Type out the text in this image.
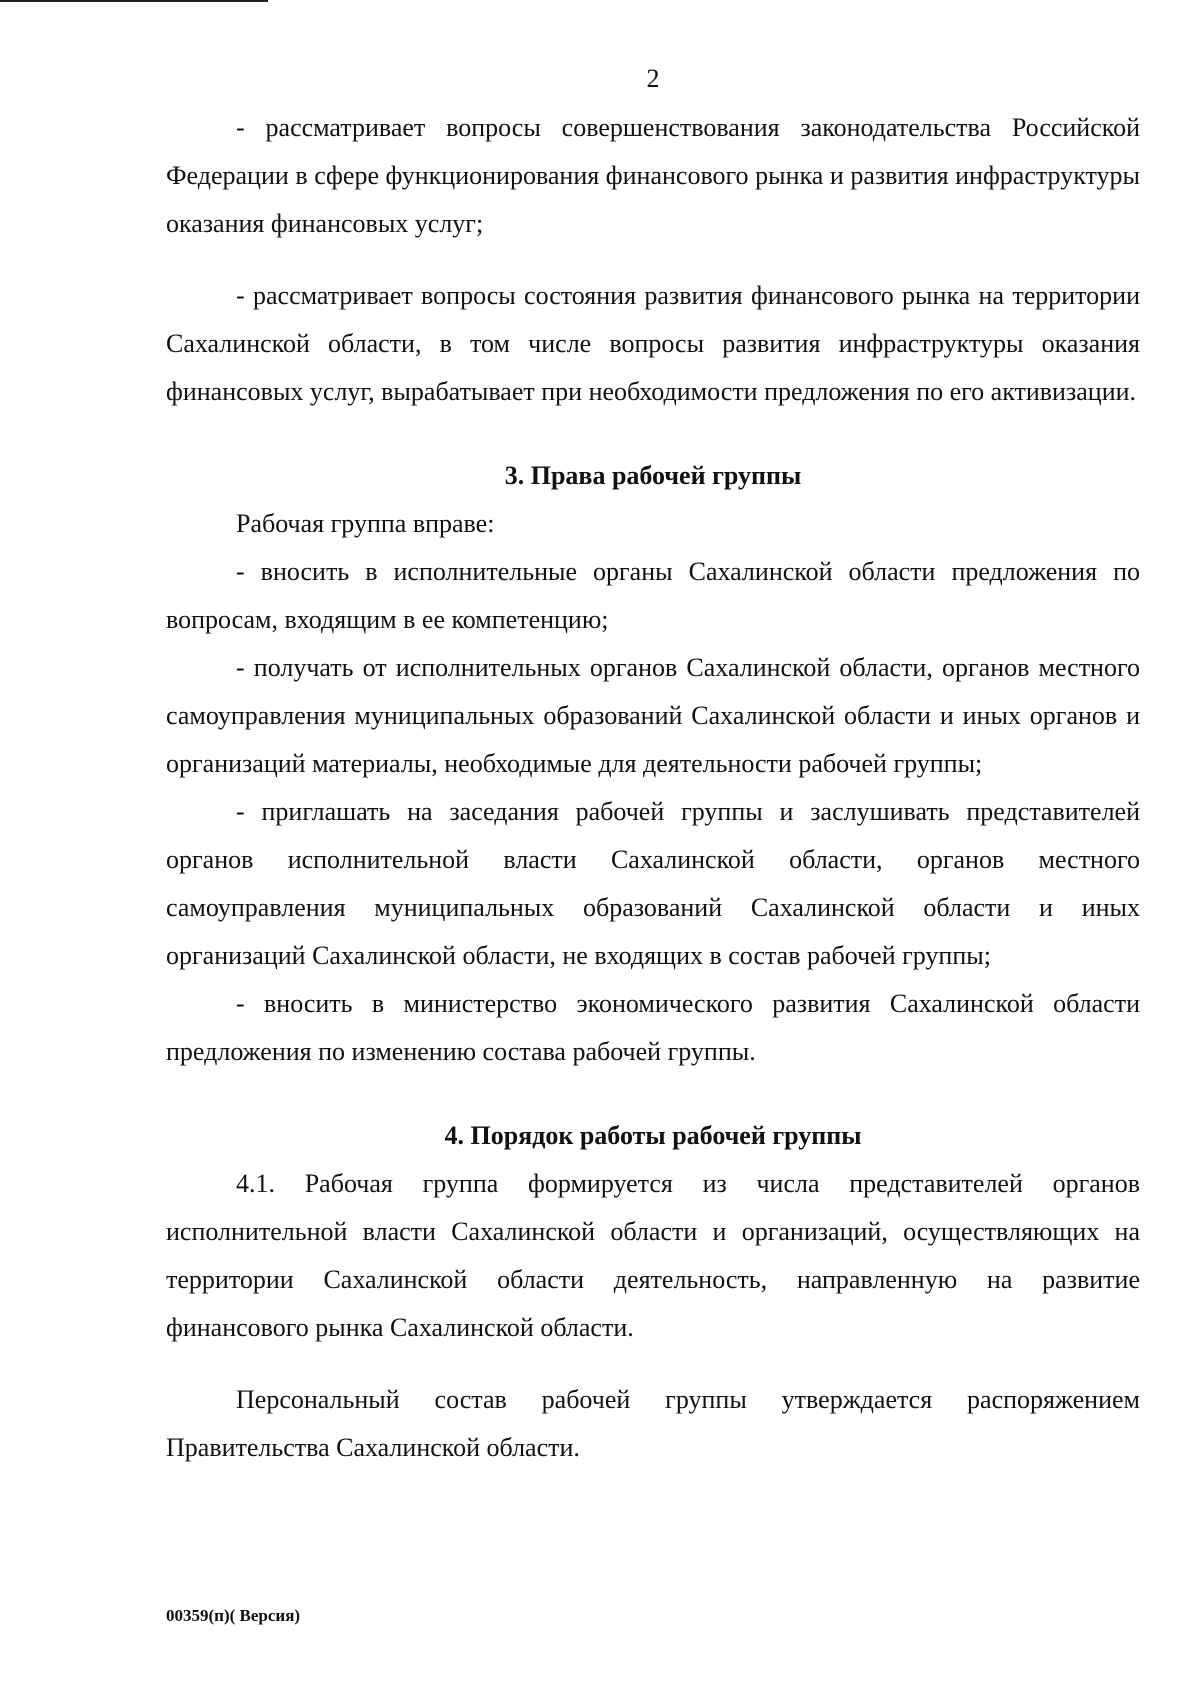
2

- рассматривает вопросы совершенствования законодательства Российской Федерации в сфере функционирования финансового рынка и развития инфраструктуры оказания финансовых услуг;

- рассматривает вопросы состояния развития финансового рынка на территории Сахалинской области, в том числе вопросы развития инфраструктуры оказания финансовых услуг, вырабатывает при необходимости предложения по его активизации.

3. Права рабочей группы

Рабочая группа вправе:

- вносить в исполнительные органы Сахалинской области предложения по вопросам, входящим в ее компетенцию;

- получать от исполнительных органов Сахалинской области, органов местного самоуправления муниципальных образований Сахалинской области и иных органов и организаций материалы, необходимые для деятельности рабочей группы;

- приглашать на заседания рабочей группы и заслушивать представителей органов исполнительной власти Сахалинской области, органов местного самоуправления муниципальных образований Сахалинской области и иных организаций Сахалинской области, не входящих в состав рабочей группы;

- вносить в министерство экономического развития Сахалинской области предложения по изменению состава рабочей группы.

4. Порядок работы рабочей группы

4.1. Рабочая группа формируется из числа представителей органов исполнительной власти Сахалинской области и организаций, осуществляющих на территории Сахалинской области деятельность, направленную на развитие финансового рынка Сахалинской области.

Персональный состав рабочей группы утверждается распоряжением Правительства Сахалинской области.

00359(п)( Версия)
